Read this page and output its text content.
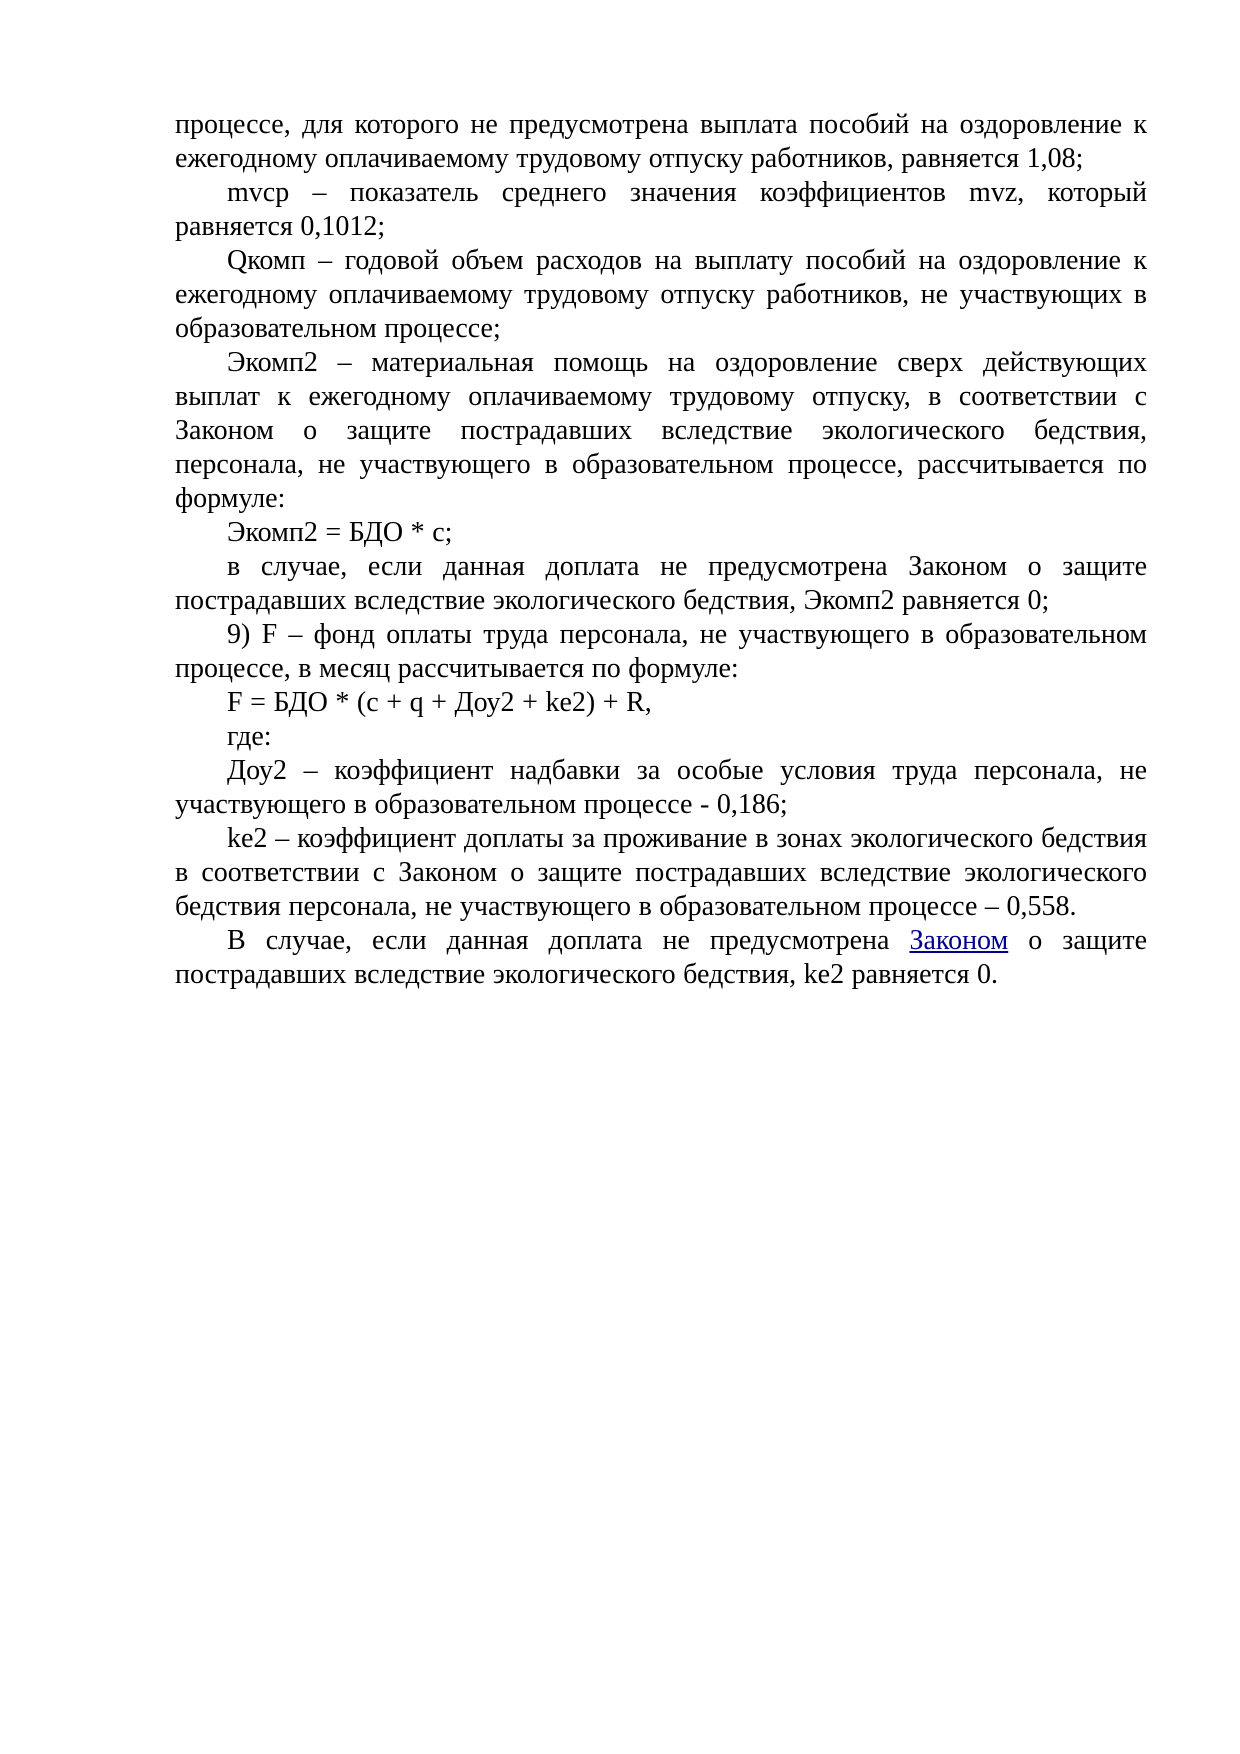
процессе, для которого не предусмотрена выплата пособий на оздоровление к ежегодному оплачиваемому трудовому отпуску работников, равняется 1,08;

mvcp – показатель среднего значения коэффициентов mvz, который равняется 0,1012;

Qкомп – годовой объем расходов на выплату пособий на оздоровление к ежегодному оплачиваемому трудовому отпуску работников, не участвующих в образовательном процессе;

Экомп2 – материальная помощь на оздоровление сверх действующих выплат к ежегодному оплачиваемому трудовому отпуску, в соответствии с Законом о защите пострадавших вследствие экологического бедствия, персонала, не участвующего в образовательном процессе, рассчитывается по формуле:

Экомп2 = БДО * с;

в случае, если данная доплата не предусмотрена Законом о защите пострадавших вследствие экологического бедствия, Экомп2 равняется 0;

9) F – фонд оплаты труда персонала, не участвующего в образовательном процессе, в месяц рассчитывается по формуле:

F = БДО * (с + q + Доу2 + ke2) + R,

где:

Доу2 – коэффициент надбавки за особые условия труда персонала, не участвующего в образовательном процессе - 0,186;

ke2 – коэффициент доплаты за проживание в зонах экологического бедствия в соответствии с Законом о защите пострадавших вследствие экологического бедствия персонала, не участвующего в образовательном процессе – 0,558.

В случае, если данная доплата не предусмотрена Законом о защите пострадавших вследствие экологического бедствия, ke2 равняется 0.
